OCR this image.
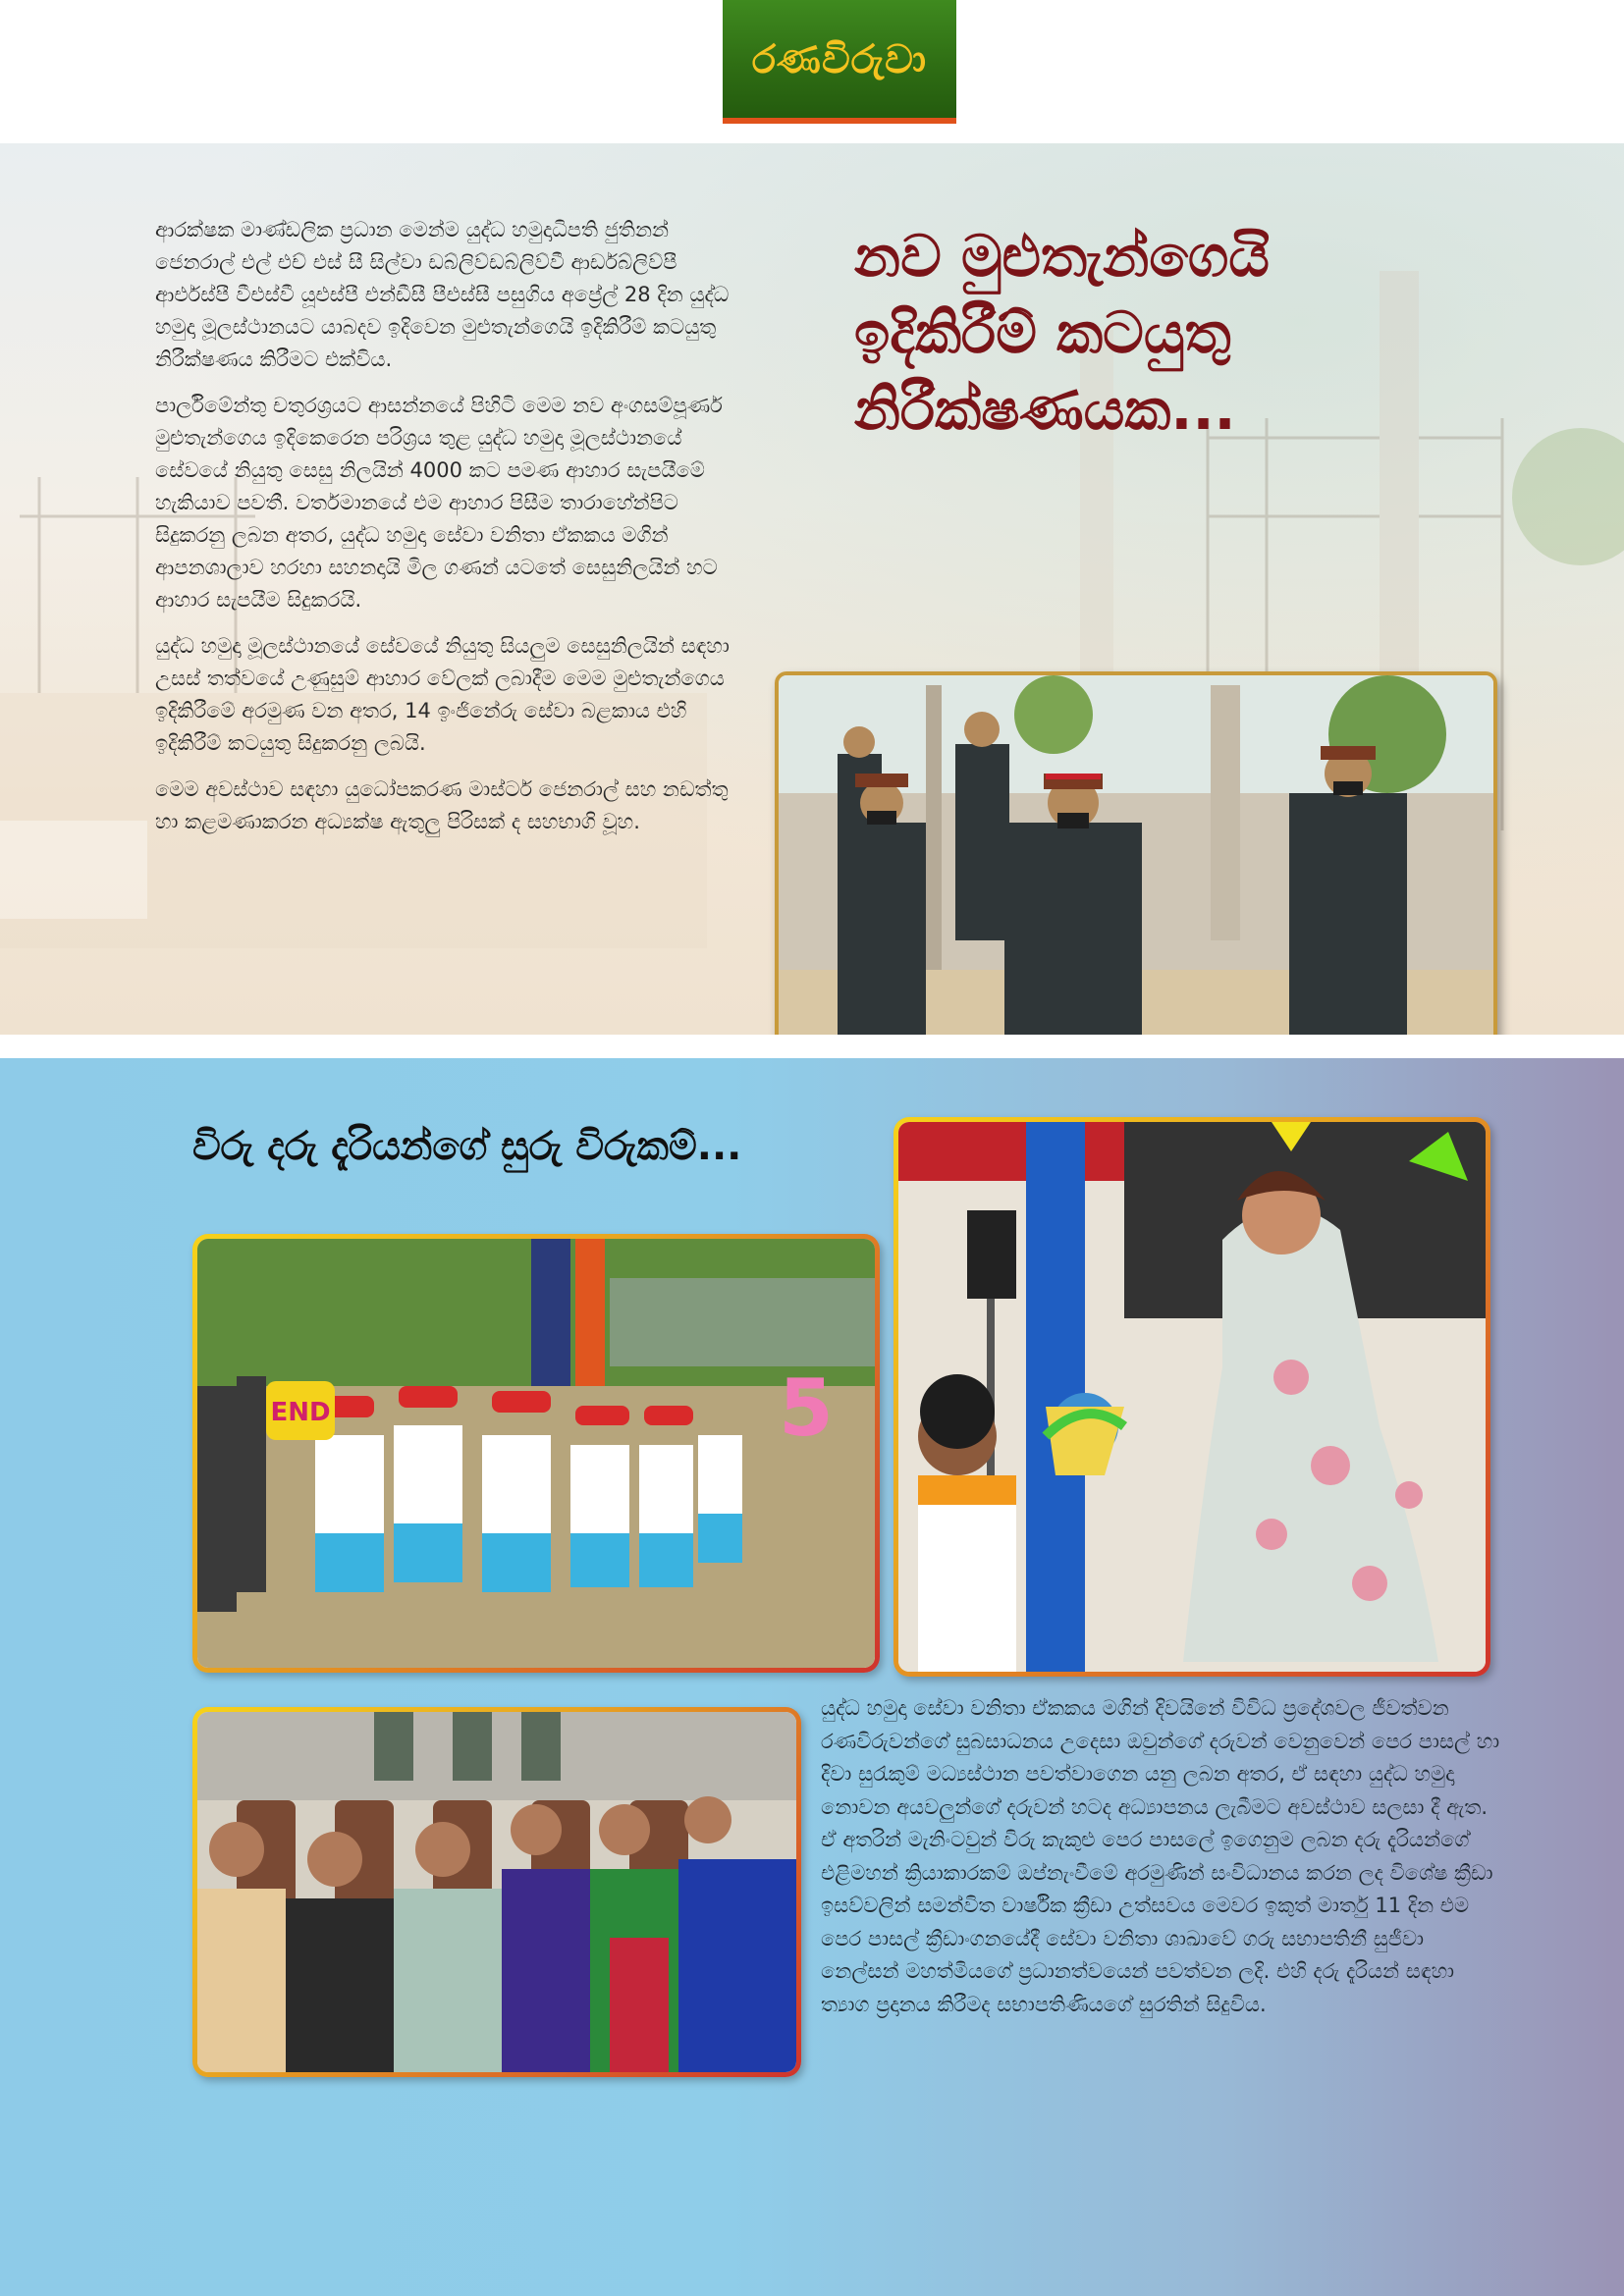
රණවිරුවා

ආරක්ෂක මාණ්ඩලික ප්‍රධාන මෙන්ම යුද්ධ හමුදාධිපති ජුතිනන් ජෙනරාල් එල් එච් එස් සී සිල්වා ඩබ්ලිව්ඩබ්ලිව්වී ආර්ඩබ්ලිව්පී ආර්එස්පී වීඑස්වී යූඑස්පී එන්ඩීසී පීඑස්සී පසුගිය අප්‍රේල් 28 දින යුද්ධ හමුදා මූලස්ථානයට යාබදව ඉදිවෙන මුළුතැන්ගෙයි ඉදිකිරීම් කටයුතු නිරීක්ෂණය කිරීමට එක්විය.

පාර්ලිමේන්තු චතුරශ්‍රයට ආසන්නයේ පිහිටි මෙම නව අංගසම්පූර්ණ මුළුතැන්ගෙය ඉදිකෙරෙන පරිශ්‍රය තුළ යුද්ධ හමුදා මූලස්ථානයේ සේවයේ නියුතු සෙසු නිලයින් 4000 කට පමණ ආහාර සැපයීමේ හැකියාව පවතී. වර්තමානයේ එම ආහාර පිසීම තාරාහේන්පිට සිදුකරනු ලබන අතර, යුද්ධ හමුදා සේවා වනිතා ඒකකය මගින් ආපනශාලාව හරහා සහනදායි මිල ගණන් යටතේ සෙසුනිලයින් හට ආහාර සැපයීම සිදුකරයි.

යුද්ධ හමුදා මූලස්ථානයේ සේවයේ නියුතු සියලුම සෙසුනිලයින් සඳහා උසස් තත්වයේ උණුසුම් ආහාර වේලක් ලබාදීම මෙම මුළුතැන්ගෙය ඉදිකිරීමේ අරමුණ වන අතර, 14 ඉංජිනේරු සේවා බළකාය එහි ඉදිකිරීම් කටයුතු සිදුකරනු ලබයි.

මෙම අවස්ථාව සඳහා යුධෝපකරණ මාස්ටර් ජෙනරාල් සහ නඩත්තු හා කළමණාකරන අධ්‍යක්ෂ ඇතුලු පිරිසක් ද සහභාගි වූහ.

නව මුළුතැන්ගෙයි
ඉදිකිරීම් කටයුතු
නිරීක්ෂණයක...
විරු දරු දැරියන්ගේ සුරු විරුකම්...
END	5

යුද්ධ හමුදා සේවා වනිතා ඒකකය මගින් දිවයිනේ විවිධ ප්‍රදේශවල ජීවත්වන රණවිරුවන්ගේ සුබසාධනය උදෙසා ඔවුන්ගේ දරුවන් වෙනුවෙන් පෙර පාසල් හා දිවා සුරැකුම් මධ්‍යස්ථාන පවත්වාගෙන යනු ලබන අතර, ඒ සඳහා යුද්ධ හමුදා නොවන අයවලුන්ගේ දරුවන් හටද අධ්‍යාපනය ලැබීමට අවස්ථාව සලසා දී ඇත. ඒ අතරින් මැනිංටවුන් විරු කැකුළු පෙර පාසලේ ඉගෙනුම ලබන දරු දැරියන්ගේ එළිමහන් ක්‍රියාකාරකම් ඔප්නැංවීමේ අරමුණින් සංවිධානය කරන ලද විශේෂ ක්‍රීඩා ඉසව්වලින් සමන්විත වාර්ෂික ක්‍රීඩා උත්සවය මෙවර ඉකුත් මාර්තු 11 දින එම පෙර පාසල් ක්‍රීඩාංගනයේදී සේවා වනිතා ශාඛාවේ ගරු සභාපතිනී සුජීවා නෙල්සන් මහත්මියගේ ප්‍රධානත්වයෙන් පවත්වන ලදි. එහි දරු දැරියන් සඳහා ත්‍යාග ප්‍රදානය කිරීමද සභාපතිණියගේ සුරතින් සිදුවිය.
